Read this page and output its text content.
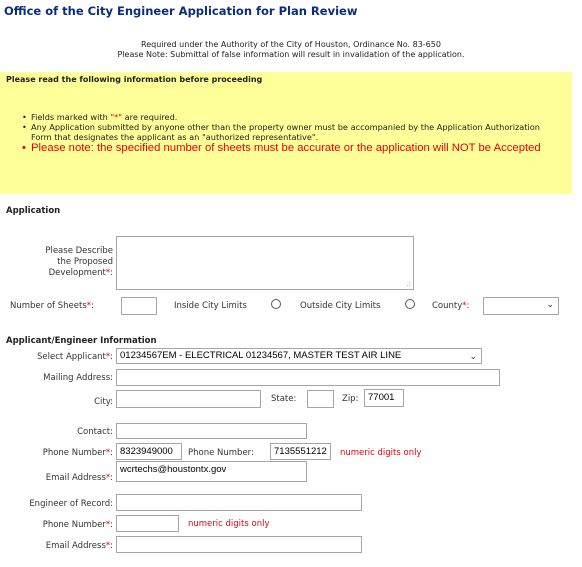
Office of the City Engineer Application for Plan Review
Required under the Authority of the City of Houston, Ordinance No. 83-650
Please Note: Submittal of false information will result in invalidation of the application.
Please read the following information before proceeding
• Fields marked with "*" are required.
• Any Application submitted by anyone other than the property owner must be accompanied by the Application Authorization Form that designates the applicant as an "authorized representative".
• Please note: the specified number of sheets must be accurate or the application will NOT be Accepted
Application
Please Describe
the Proposed
Development*:
.:
Number of Sheets*:	Inside City Limits	Outside City Limits	County*:	⌄
Applicant/Engineer Information
Select Applicant*: 01234567EM - ELECTRICAL 01234567, MASTER TEST AIR LINE	⌄
Mailing Address:
City:	State:	Zip:	77001
Contact:
Phone Number*: 8323949000	Phone Number:	7135551212	numeric digits only
Email Address*:
wcrtechs@houstontx.gov
Engineer of Record:
Phone Number*:	numeric digits only
Email Address*:
